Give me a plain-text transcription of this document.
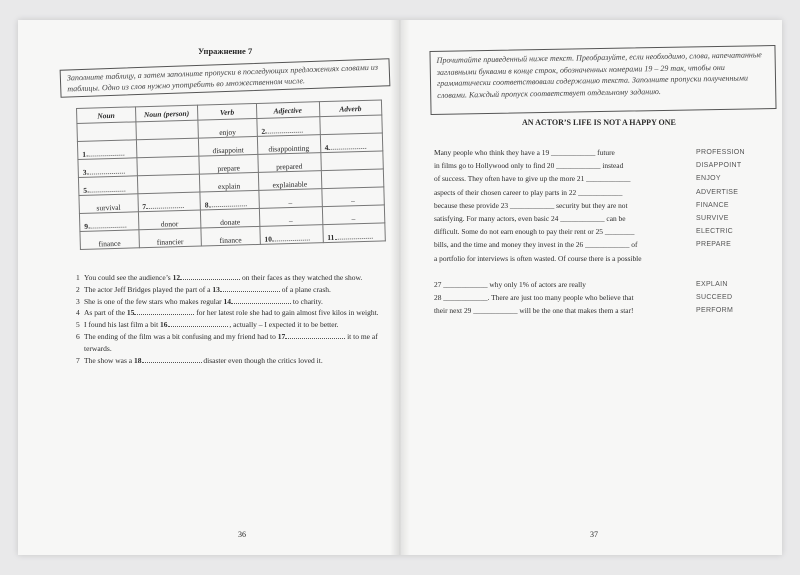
Упражнение 7
Заполните таблицу, а затем заполните пропуски в последующих предложениях словами из таблицы. Одно из слов нужно употребить во множественном числе.
Noun	Noun (person)	Verb	Adjective	Adverb

		enjoy	2	

1		disappoint	disappointing	4
3		prepare	prepared	

5		explain	explainable	

survival	7	8	–	–

9	donor	donate	–	–

finance	financier	finance	10	11
1 You could see the audience’s 12	on their faces as they watched the show.
2 The actor Jeff Bridges played the part of a 13	of a plane crash.
3 She is one of the few stars who makes regular 14	to charity.
4 As part of the 15	for her latest role she had to gain almost five kilos in weight.
5 I found his last film a bit 16	, actually – I expected it to be better.
6 The ending of the film was a bit confusing and my friend had to 17	it to me af
terwards.
7 The show was a 18	disaster even though the critics loved it.
36
Прочитайте приведенный ниже текст. Преобразуйте, если необходимо, слова, напечатанные заглавными буквами в конце строк, обозначенных номерами 19 – 29 так, чтобы они грамматически соответствовали содержанию текста. Заполните пропуски полученными словами. Каждый пропуск соответствует отдельному заданию.
AN ACTOR’S LIFE IS NOT A HAPPY ONE
Many people who think they have a 19 ____________ future	PROFESSION
in films go to Hollywood only to find 20 ____________ instead	DISAPPOINT
of success. They often have to give up the more 21 ____________	ENJOY
aspects of their chosen career to play parts in 22 ____________	ADVERTISE
because these provide 23 ____________ security but they are not	FINANCE
satisfying. For many actors, even basic 24 ____________ can be	SURVIVE
difficult. Some do not earn enough to pay their rent or 25 ________	ELECTRIC
bills, and the time and money they invest in the 26 ____________ of	PREPARE
a portfolio for interviews is often wasted. Of course there is a possible
27 ____________ why only 1% of actors are really	EXPLAIN
28 ____________. There are just too many people who believe that	SUCCEED
their next 29 ____________ will be the one that makes them a star!	PERFORM
37
